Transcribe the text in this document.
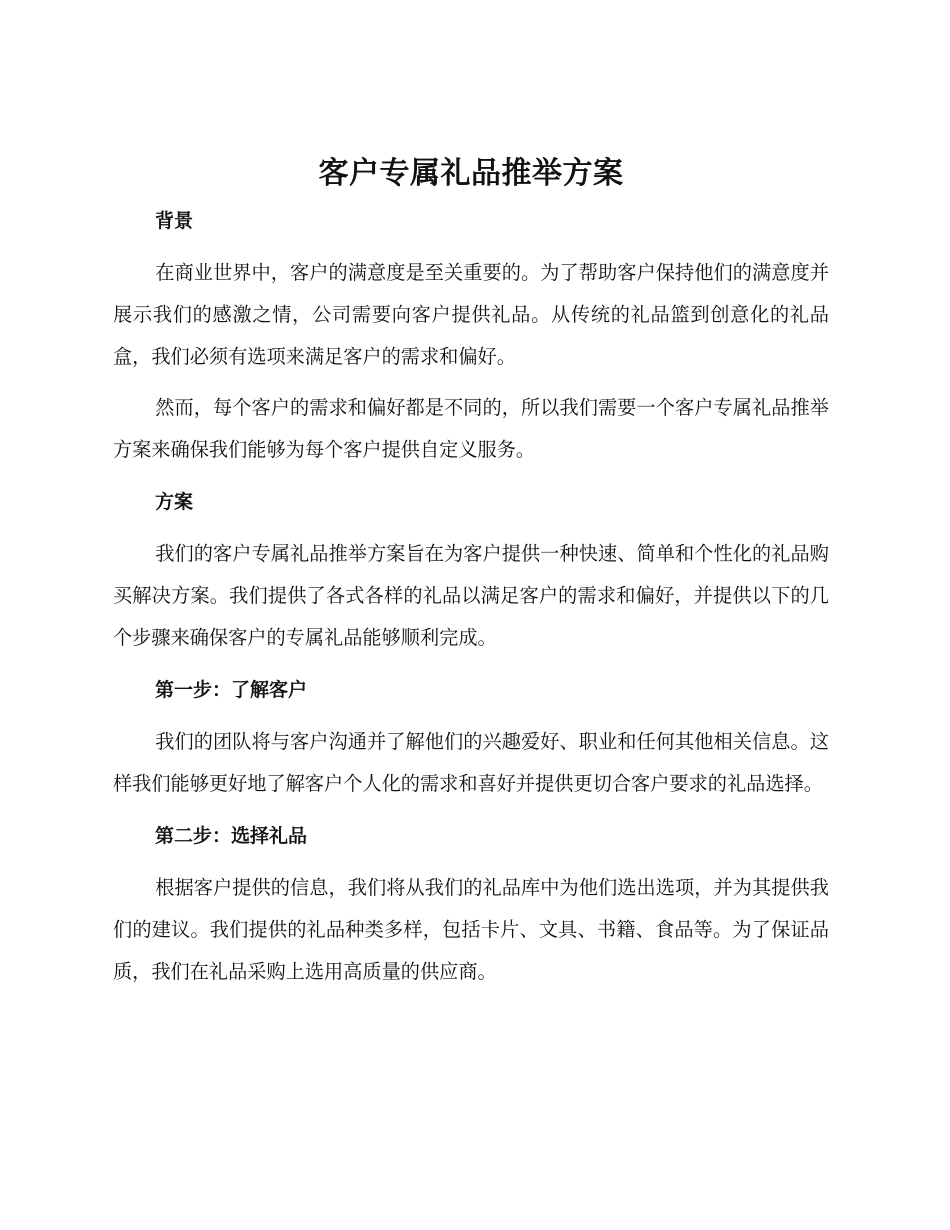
客户专属礼品推举方案
背景

在商业世界中，客户的满意度是至关重要的。为了帮助客户保持他们的满意度并展示我们的感激之情，公司需要向客户提供礼品。从传统的礼品篮到创意化的礼品盒，我们必须有选项来满足客户的需求和偏好。

然而，每个客户的需求和偏好都是不同的，所以我们需要一个客户专属礼品推举方案来确保我们能够为每个客户提供自定义服务。

方案

我们的客户专属礼品推举方案旨在为客户提供一种快速、简单和个性化的礼品购买解决方案。我们提供了各式各样的礼品以满足客户的需求和偏好，并提供以下的几个步骤来确保客户的专属礼品能够顺利完成。

第一步：了解客户

我们的团队将与客户沟通并了解他们的兴趣爱好、职业和任何其他相关信息。这样我们能够更好地了解客户个人化的需求和喜好并提供更切合客户要求的礼品选择。

第二步：选择礼品

根据客户提供的信息，我们将从我们的礼品库中为他们选出选项，并为其提供我们的建议。我们提供的礼品种类多样，包括卡片、文具、书籍、食品等。为了保证品质，我们在礼品采购上选用高质量的供应商。
